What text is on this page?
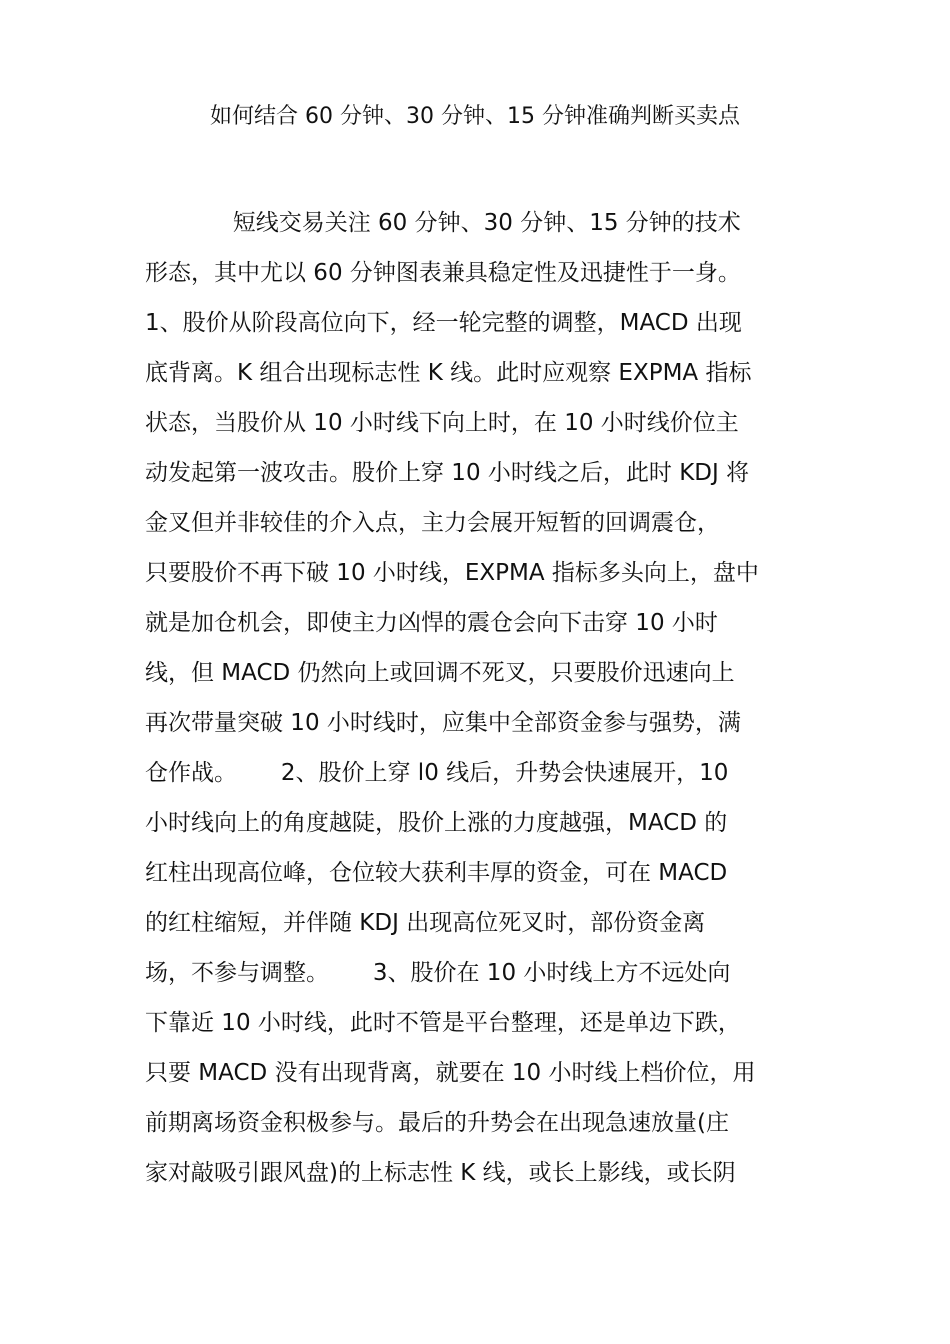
如何结合 60 分钟、30 分钟、15 分钟准确判断买卖点
短线交易关注 60 分钟、30 分钟、15 分钟的技术
形态，其中尤以 60 分钟图表兼具稳定性及迅捷性于一身。
1、股价从阶段高位向下，经一轮完整的调整，MACD 出现
底背离。K 组合出现标志性 K 线。此时应观察 EXPMA 指标
状态，当股价从 10 小时线下向上时，在 10 小时线价位主
动发起第一波攻击。股价上穿 10 小时线之后，此时 KDJ 将
金叉但并非较佳的介入点，主力会展开短暂的回调震仓，
只要股价不再下破 10 小时线，EXPMA 指标多头向上，盘中
就是加仓机会，即使主力凶悍的震仓会向下击穿 10 小时
线，但 MACD 仍然向上或回调不死叉，只要股价迅速向上
再次带量突破 10 小时线时，应集中全部资金参与强势，满
仓作战。      2、股价上穿 l0 线后，升势会快速展开，10
小时线向上的角度越陡，股价上涨的力度越强，MACD 的
红柱出现高位峰，仓位较大获利丰厚的资金，可在 MACD
的红柱缩短，并伴随 KDJ 出现高位死叉时，部份资金离
场，不参与调整。      3、股价在 10 小时线上方不远处向
下靠近 10 小时线，此时不管是平台整理，还是单边下跌，
只要 MACD 没有出现背离，就要在 10 小时线上档价位，用
前期离场资金积极参与。最后的升势会在出现急速放量(庄
家对敲吸引跟风盘)的上标志性 K 线，或长上影线，或长阴
